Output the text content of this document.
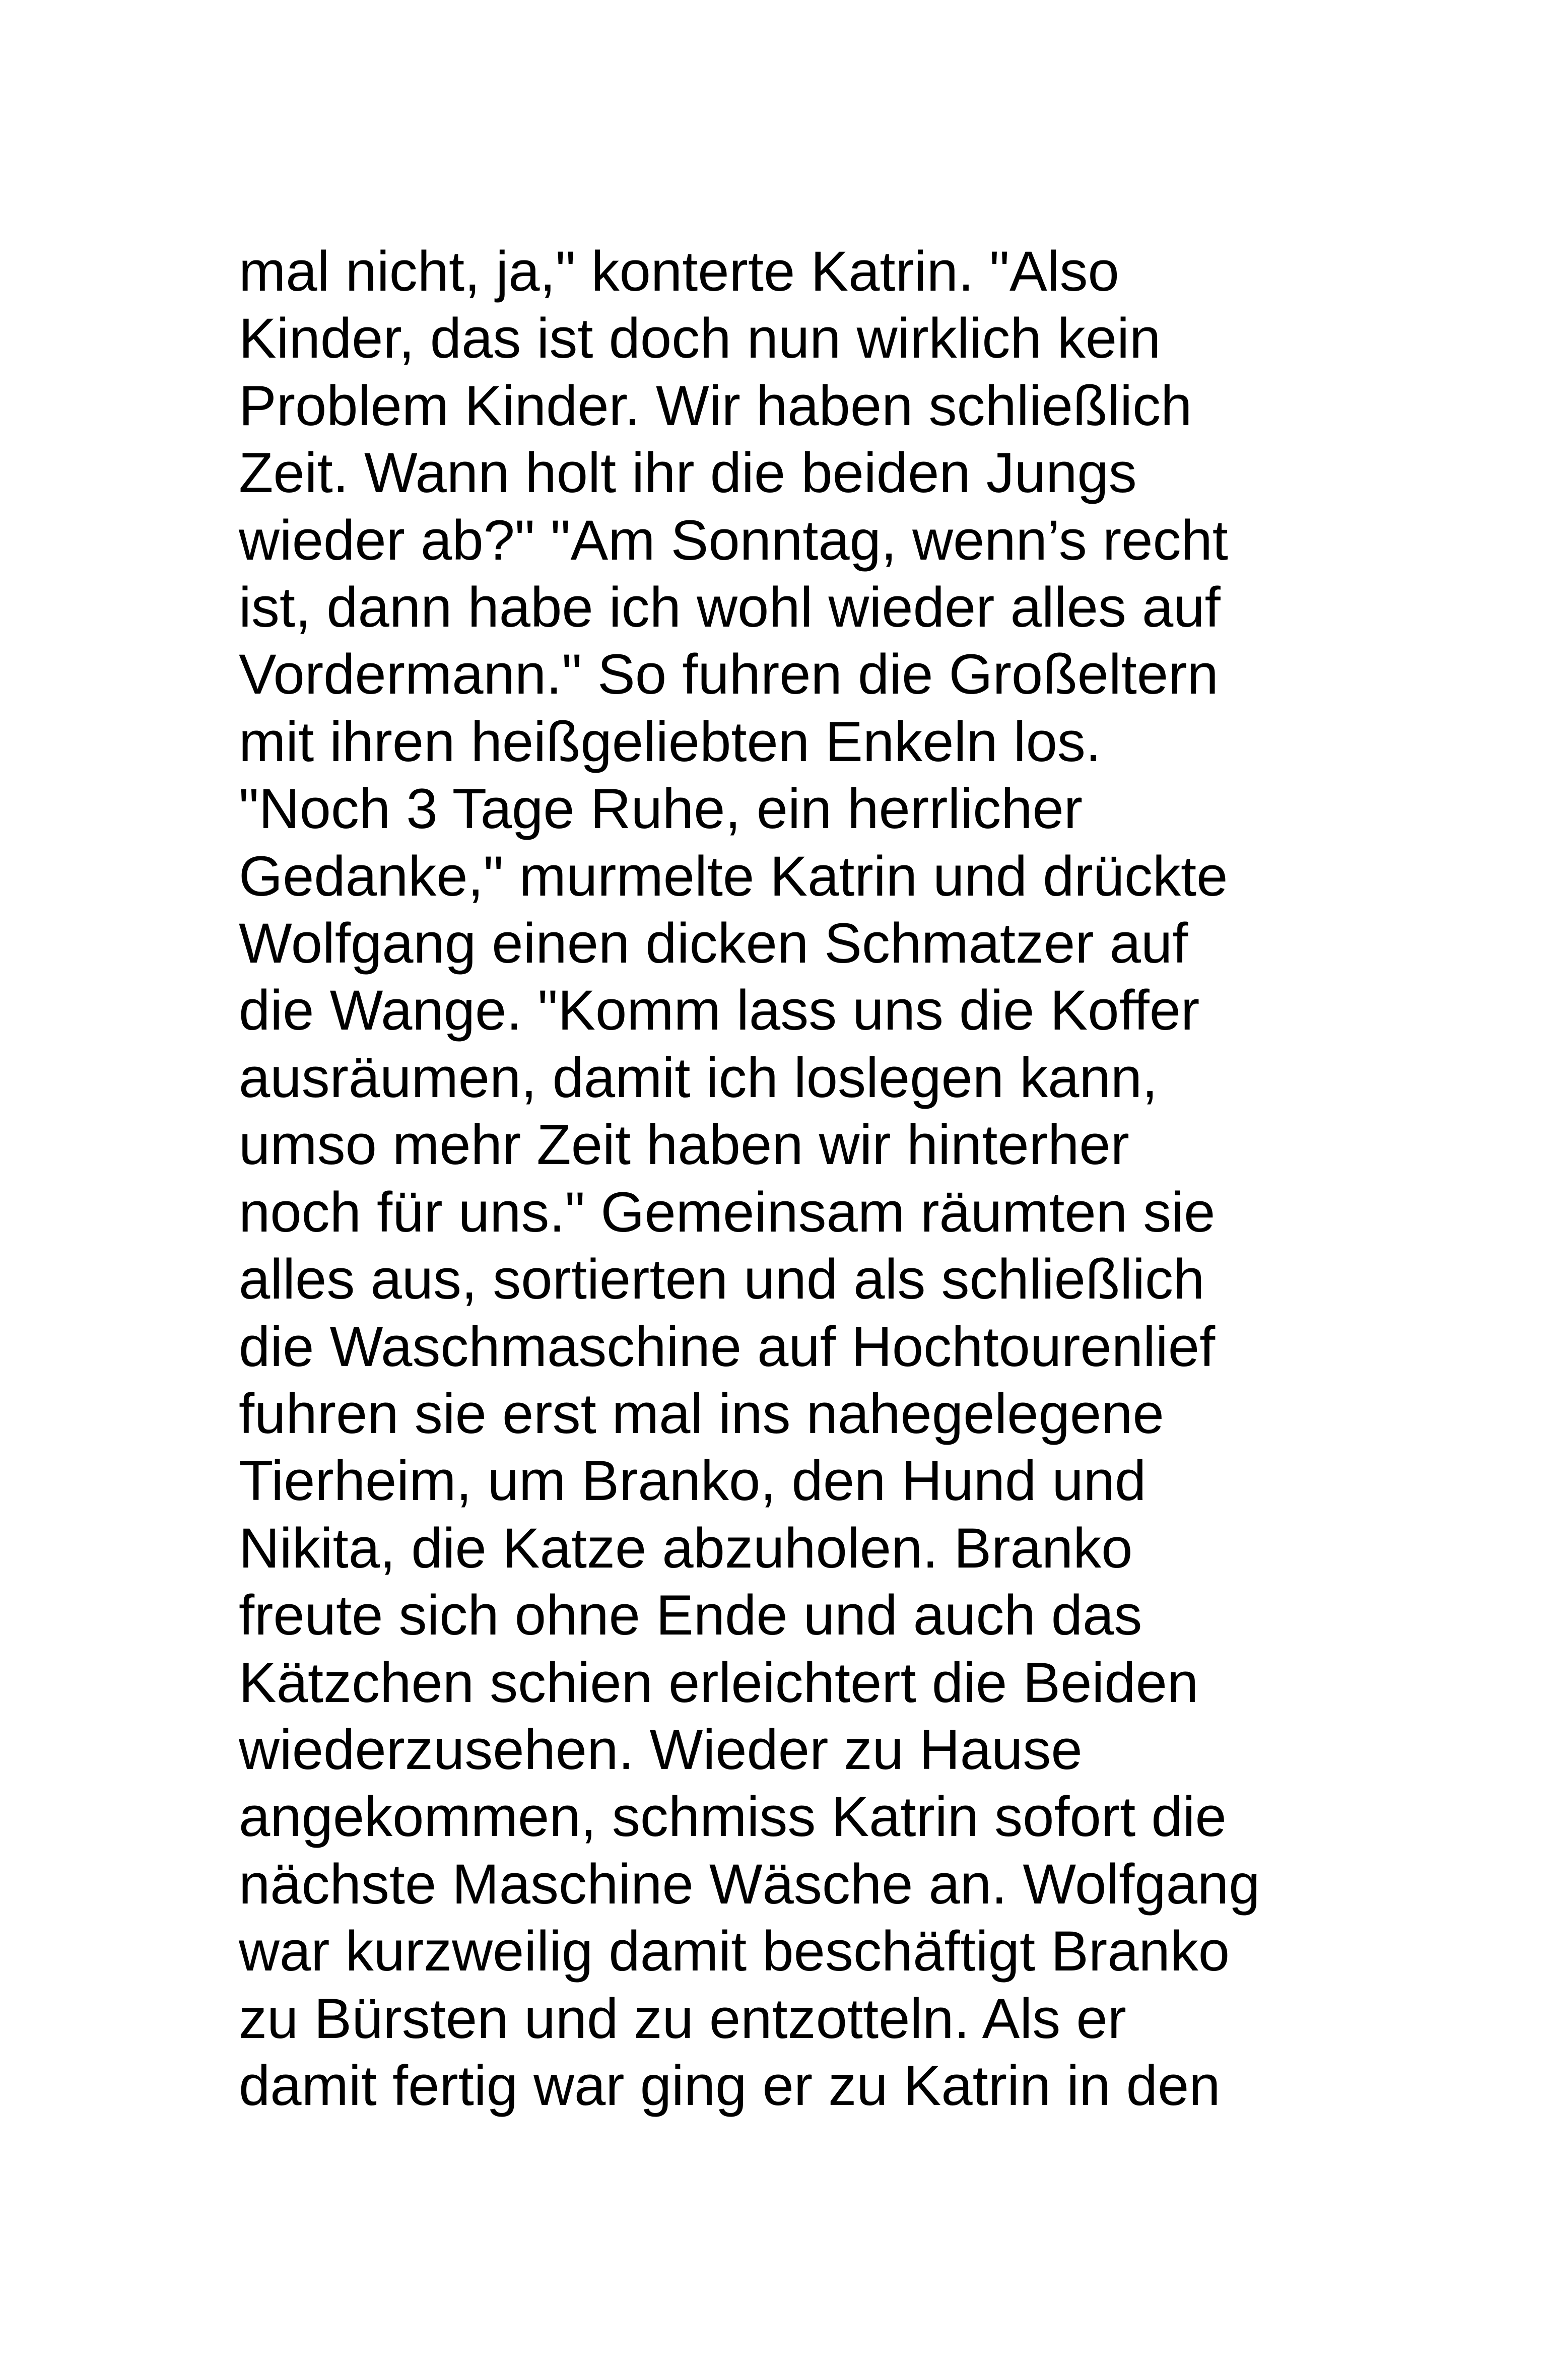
mal nicht, ja," konterte Katrin. "Also
Kinder, das ist doch nun wirklich kein
Problem Kinder. Wir haben schließlich
Zeit. Wann holt ihr die beiden Jungs
wieder ab?" "Am Sonntag, wenn’s recht
ist, dann habe ich wohl wieder alles auf
Vordermann." So fuhren die Großeltern
mit ihren heißgeliebten Enkeln los.
"Noch 3 Tage Ruhe, ein herrlicher
Gedanke," murmelte Katrin und drückte
Wolfgang einen dicken Schmatzer auf
die Wange. "Komm lass uns die Koffer
ausräumen, damit ich loslegen kann,
umso mehr Zeit haben wir hinterher
noch für uns." Gemeinsam räumten sie
alles aus, sortierten und als schließlich
die Waschmaschine auf Hochtourenlief
fuhren sie erst mal ins nahegelegene
Tierheim, um Branko, den Hund und
Nikita, die Katze abzuholen. Branko
freute sich ohne Ende und auch das
Kätzchen schien erleichtert die Beiden
wiederzusehen. Wieder zu Hause
angekommen, schmiss Katrin sofort die
nächste Maschine Wäsche an. Wolfgang
war kurzweilig damit beschäftigt Branko
zu Bürsten und zu entzotteln. Als er
damit fertig war ging er zu Katrin in den
